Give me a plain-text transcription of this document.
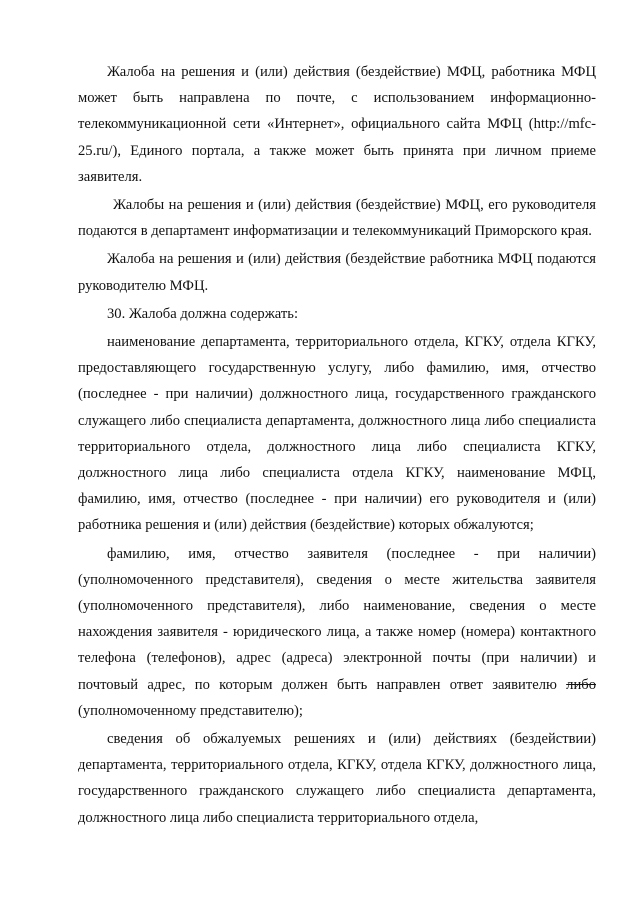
Жалоба на решения и (или) действия (бездействие) МФЦ, работника МФЦ может быть направлена по почте, с использованием информационно-телекоммуникационной сети «Интернет», официального сайта МФЦ (http://mfc-25.ru/), Единого портала, а также может быть принята при личном приеме заявителя.

Жалобы на решения и (или) действия (бездействие) МФЦ, его руководителя подаются в департамент информатизации и телекоммуникаций Приморского края.

Жалоба на решения и (или) действия (бездействие работника МФЦ подаются руководителю МФЦ.

30. Жалоба должна содержать:

наименование департамента, территориального отдела, КГКУ, отдела КГКУ, предоставляющего государственную услугу, либо фамилию, имя, отчество (последнее - при наличии) должностного лица, государственного гражданского служащего либо специалиста департамента, должностного лица либо специалиста территориального отдела, должностного лица либо специалиста КГКУ, должностного лица либо специалиста отдела КГКУ, наименование МФЦ, фамилию, имя, отчество (последнее - при наличии) его руководителя и (или) работника решения и (или) действия (бездействие) которых обжалуются;

фамилию, имя, отчество заявителя (последнее - при наличии) (уполномоченного представителя), сведения о месте жительства заявителя (уполномоченного представителя), либо наименование, сведения о месте нахождения заявителя - юридического лица, а также номер (номера) контактного телефона (телефонов), адрес (адреса) электронной почты (при наличии) и почтовый адрес, по которым должен быть направлен ответ заявителю либо (уполномоченному представителю);

сведения об обжалуемых решениях и (или) действиях (бездействии) департамента, территориального отдела, КГКУ, отдела КГКУ, должностного лица, государственного гражданского служащего либо специалиста департамента, должностного лица либо специалиста территориального отдела,
